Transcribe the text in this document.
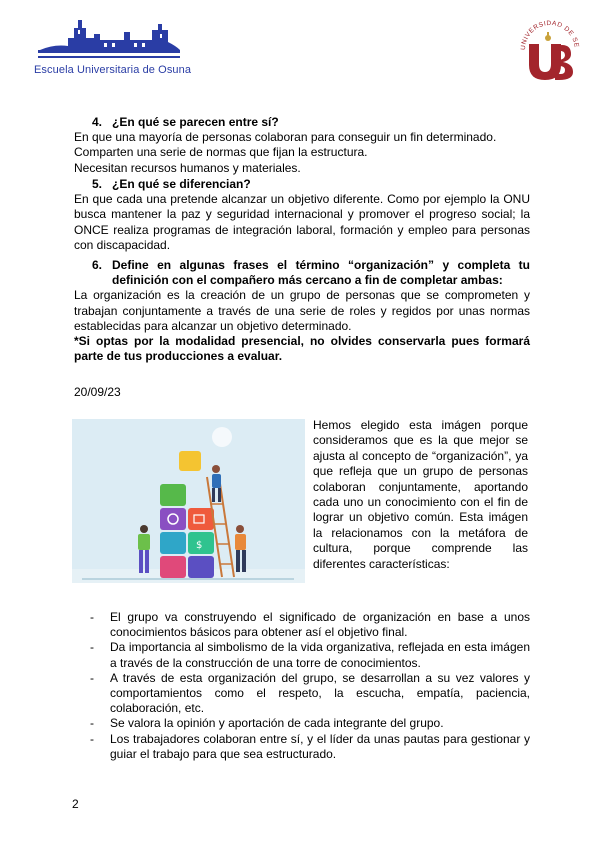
Escuela Universitaria de Osuna
UNIVERSIDAD DE SE
4. ¿En qué se parecen entre sí?
En que una mayoría de personas colaboran para conseguir un fin determinado.
Comparten una serie de normas que fijan la estructura.
Necesitan recursos humanos y materiales.
5. ¿En qué se diferencian?
En que cada una pretende alcanzar un objetivo diferente. Como por ejemplo la ONU busca mantener la paz y seguridad internacional y promover el progreso social; la ONCE realiza programas de integración laboral, formación y empleo para personas con discapacidad.
6. Define en algunas frases el término “organización” y completa tu definición con el compañero más cercano a fin de completar ambas:
La organización es la creación de un grupo de personas que se comprometen y trabajan conjuntamente a través de una serie de roles y regidos por unas normas establecidas para alcanzar un objetivo determinado.
*Si optas por la modalidad presencial, no olvides conservarla pues formará parte de tus producciones a evaluar.
20/09/23
$
Hemos elegido esta imágen porque consideramos que es la que mejor se ajusta al concepto de “organización”, ya que refleja que un grupo de personas colaboran conjuntamente, aportando cada uno un conocimiento con el fin de lograr un objetivo común. Esta imágen la relacionamos con la metáfora de cultura, porque comprende las diferentes características:
- El grupo va construyendo el significado de organización en base a unos conocimientos básicos para obtener así el objetivo final.
- Da importancia al simbolismo de la vida organizativa, reflejada en esta imágen a través de la construcción de una torre de conocimientos.
- A través de esta organización del grupo, se desarrollan a su vez valores y comportamientos como el respeto, la escucha, empatía, paciencia, colaboración, etc.
- Se valora la opinión y aportación de cada integrante del grupo.
- Los trabajadores colaboran entre sí, y el líder da unas pautas para gestionar y guiar el trabajo para que sea estructurado.
2
